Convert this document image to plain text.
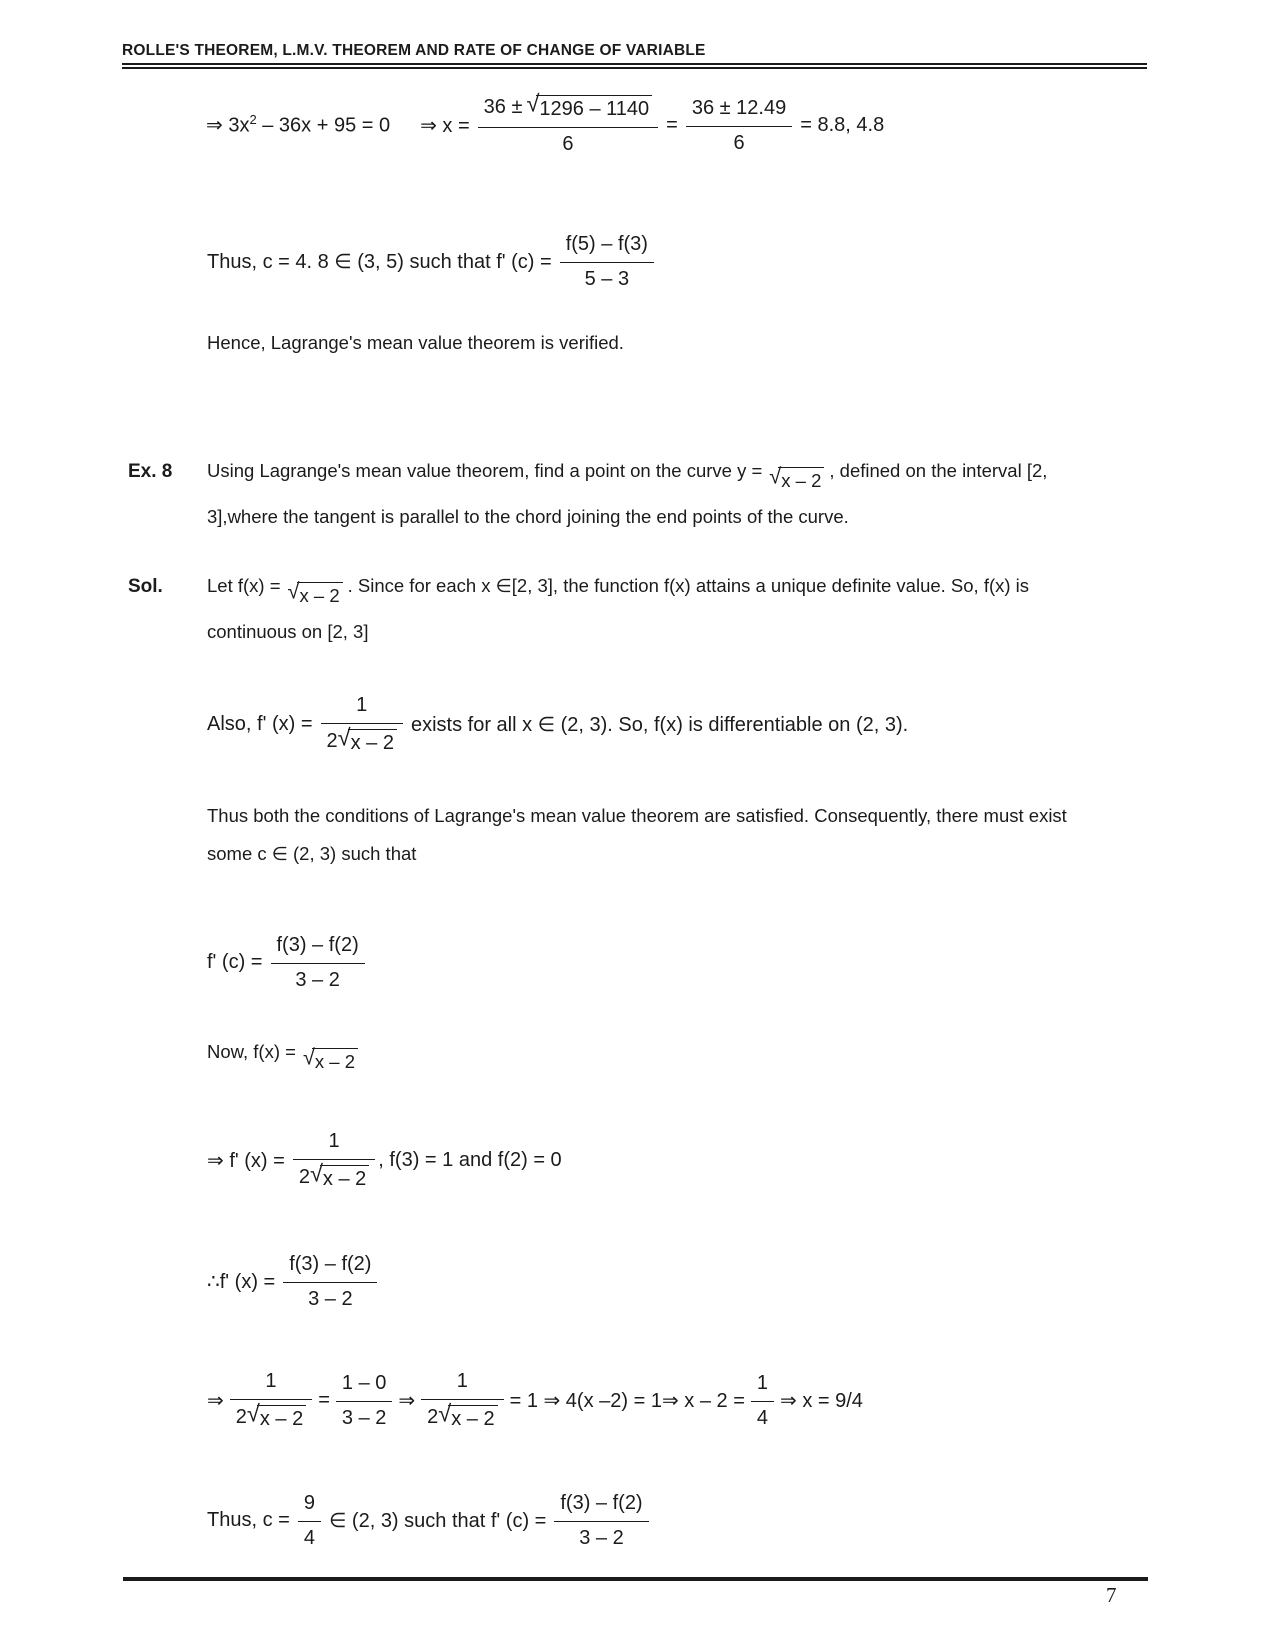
ROLLE'S THEOREM, L.M.V. THEOREM AND RATE OF CHANGE OF VARIABLE
⇒ $3x^2 - 36x + 95 = 0$ ⇒ $x = \frac{36 \pm √ 1296 - 1140}{6} = \frac{36 \pm 12.49}{6} = 8.8$, 4.8
Thus, c = 4. 8 ∈ (3, 5) such that f' $(c) = \frac{f(5) - f(3)}{5 - 3}$
Hence, Lagrange's mean value theorem is verified.
Ex. 8 Using Lagrange's mean value theorem, find a point on the curve y = √ x – 2 , defined on the interval [2,
3],where the tangent is parallel to the chord joining the end points of the curve.
Sol. Let f(x) = √ x – 2 . Since for each x ∈[2, 3], the function f(x) attains a unique definite value. So, f(x) is
continuous on [2, 3]
Also, f' $(x) = \frac{1}{2 √ x - 2}$ exists for all x ∈ (2, 3). So, f(x) is differentiable on (2, 3).
Thus both the conditions of Lagrange's mean value theorem are satisfied. Consequently, there must exist
some c ∈ (2, 3) such that
f' $(c) = \frac{f(3) - f(2)}{3 - 2}$
Now, f(x) = √ x – 2
⇒ f' $(x) = \frac{1}{2 √ x - 2}$ , f(3) = 1 and f(2) = 0
∴f' $(x) = \frac{f(3) - f(2)}{3 - 2}$
⇒ $\frac{1}{2 √ x - 2} = \frac{1 - 0}{3 - 2}$ ⇒ $\frac{1}{2 √ x - 2} = 1$ ⇒ 4(x –2) = 1⇒ $x - 2 = \frac{1}{4}$ ⇒ x = 9/4
Thus, $c = \frac{9}{4}$ ∈ (2, 3) such that f' $(c) = \frac{f(3) - f(2)}{3 - 2}$
7
